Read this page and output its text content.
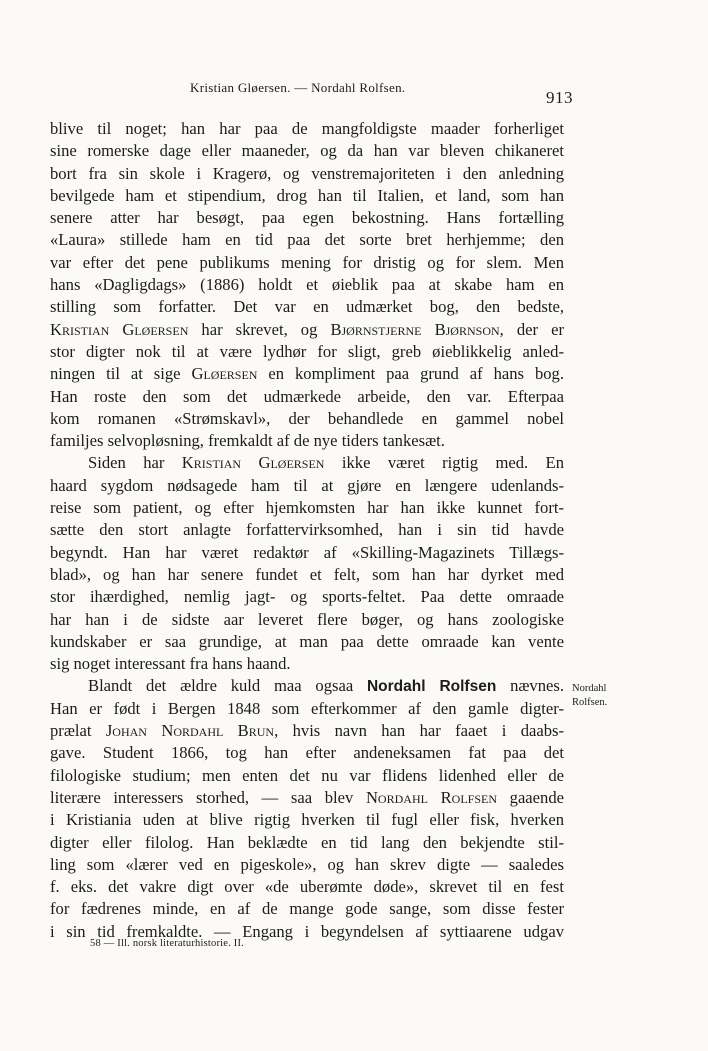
Kristian Gløersen. — Nordahl Rolfsen.
913
blive til noget; han har paa de mangfoldigste maader forherliget
sine romerske dage eller maaneder, og da han var bleven chikaneret
bort fra sin skole i Kragerø, og venstremajoriteten i den anledning
bevilgede ham et stipendium, drog han til Italien, et land, som han
senere atter har besøgt, paa egen bekostning. Hans fortælling
«Laura» stillede ham en tid paa det sorte bret herhjemme; den
var efter det pene publikums mening for dristig og for slem. Men
hans «Dagligdags» (1886) holdt et øieblik paa at skabe ham en
stilling som forfatter. Det var en udmærket bog, den bedste,
Kristian Gløersen har skrevet, og Bjørnstjerne Bjørnson, der er
stor digter nok til at være lydhør for sligt, greb øieblikkelig anled-
ningen til at sige Gløersen en kompliment paa grund af hans bog.
Han roste den som det udmærkede arbeide, den var. Efterpaa
kom romanen «Strømskavl», der behandlede en gammel nobel
familjes selvopløsning, fremkaldt af de nye tiders tankesæt.
Siden har Kristian Gløersen ikke været rigtig med. En
haard sygdom nødsagede ham til at gjøre en længere udenlands-
reise som patient, og efter hjemkomsten har han ikke kunnet fort-
sætte den stort anlagte forfattervirksomhed, han i sin tid havde
begyndt. Han har været redaktør af «Skilling-Magazinets Tillægs-
blad», og han har senere fundet et felt, som han har dyrket med
stor ihærdighed, nemlig jagt- og sports-feltet. Paa dette omraade
har han i de sidste aar leveret flere bøger, og hans zoologiske
kundskaber er saa grundige, at man paa dette omraade kan vente
sig noget interessant fra hans haand.
Blandt det ældre kuld maa ogsaa Nordahl Rolfsen nævnes.
Han er født i Bergen 1848 som efterkommer af den gamle digter-
prælat Johan Nordahl Brun, hvis navn han har faaet i daabs-
gave. Student 1866, tog han efter andeneksamen fat paa det
filologiske studium; men enten det nu var flidens lidenhed eller de
literære interessers storhed, — saa blev Nordahl Rolfsen gaaende
i Kristiania uden at blive rigtig hverken til fugl eller fisk, hverken
digter eller filolog. Han beklædte en tid lang den bekjendte stil-
ling som «lærer ved en pigeskole», og han skrev digte — saaledes
f. eks. det vakre digt over «de uberømte døde», skrevet til en fest
for fædrenes minde, en af de mange gode sange, som disse fester
i sin tid fremkaldte. — Engang i begyndelsen af syttiaarene udgav
Nordahl
Rolfsen.
58 — Ill. norsk literaturhistorie. II.
